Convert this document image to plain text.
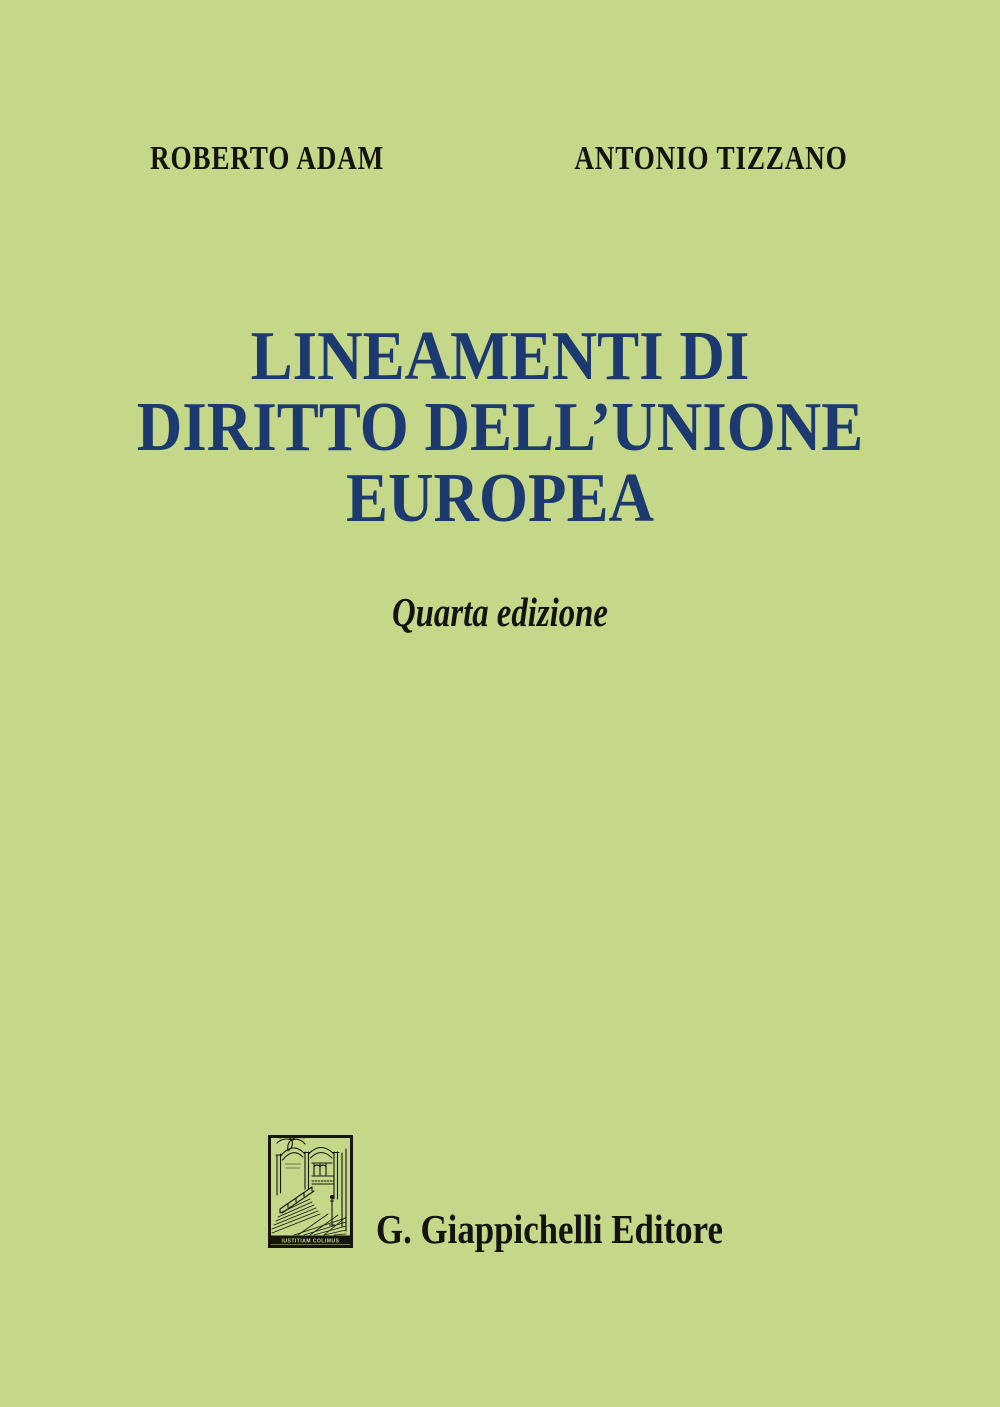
ROBERTO ADAM	ANTONIO TIZZANO
LINEAMENTI DI
DIRITTO DELL’UNIONE
EUROPEA
Quarta edizione
IUSTITIAM COLIMUS G. Giappichelli Editore
